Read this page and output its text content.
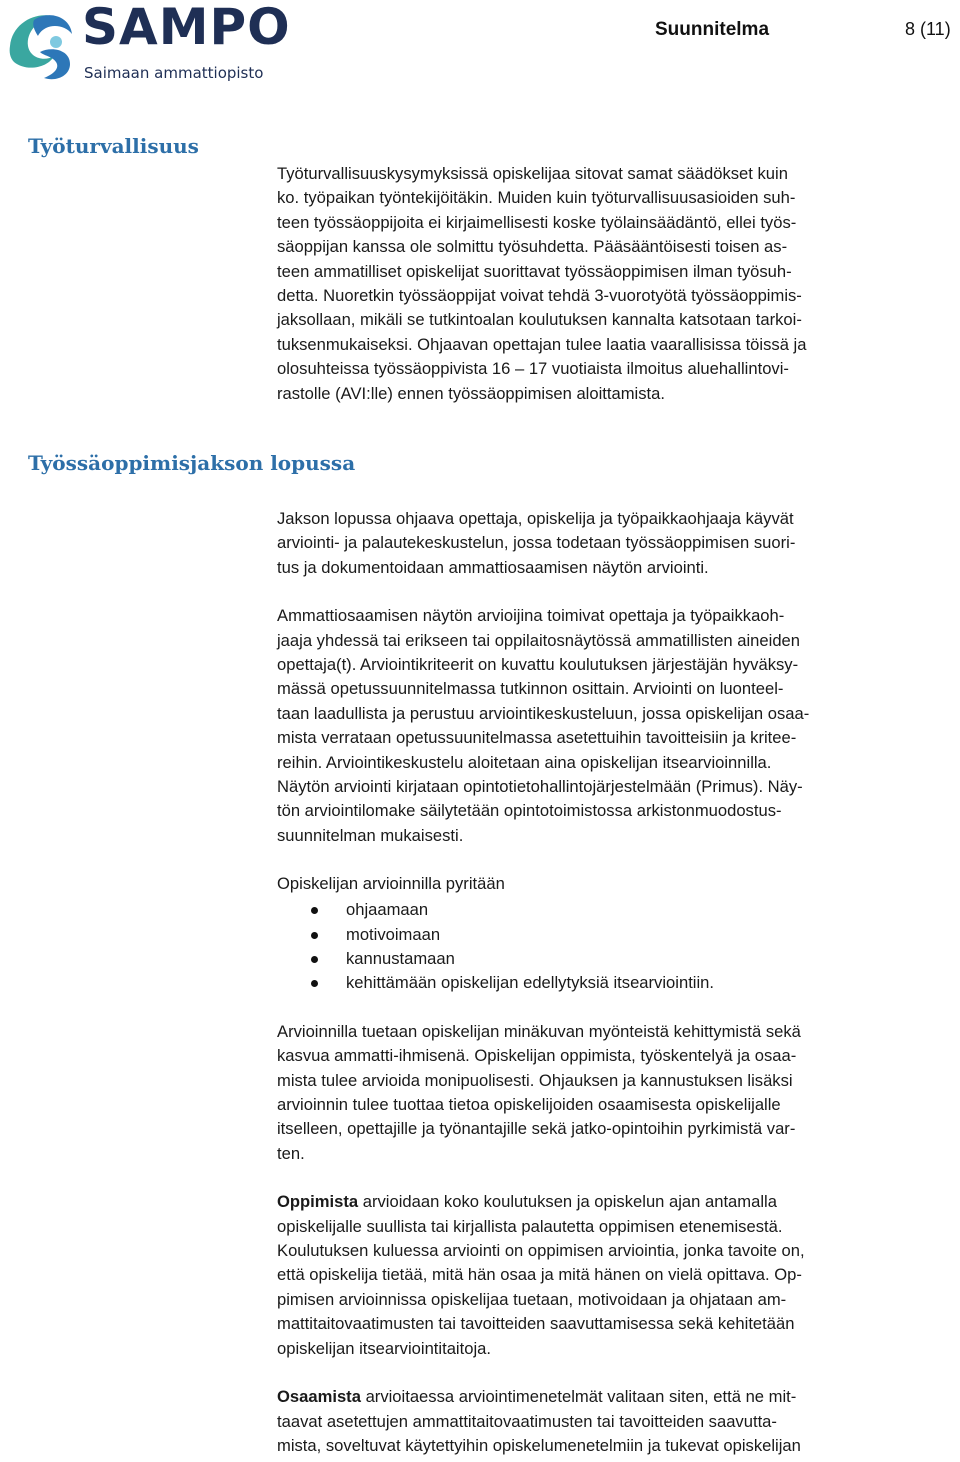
SAMPO
Saimaan ammattiopisto
Suunnitelma	8 (11)
Työturvallisuus

Työturvallisuuskysymyksissä opiskelijaa sitovat samat säädökset kuin
ko. työpaikan työntekijöitäkin. Muiden kuin työturvallisuusasioiden suh-
teen työssäoppijoita ei kirjaimellisesti koske työlainsäädäntö, ellei työs-
säoppijan kanssa ole solmittu työsuhdetta. Pääsääntöisesti toisen as-
teen ammatilliset opiskelijat suorittavat työssäoppimisen ilman työsuh-
detta. Nuoretkin työssäoppijat voivat tehdä 3-vuorotyötä työssäoppimis-
jaksollaan, mikäli se tutkintoalan koulutuksen kannalta katsotaan tarkoi-
tuksenmukaiseksi. Ohjaavan opettajan tulee laatia vaarallisissa töissä ja
olosuhteissa työssäoppivista 16 – 17 vuotiaista ilmoitus aluehallintovi-
rastolle (AVI:lle) ennen työssäoppimisen aloittamista.

Työssäoppimisjakson lopussa

Jakson lopussa ohjaava opettaja, opiskelija ja työpaikkaohjaaja käyvät
arviointi- ja palautekeskustelun, jossa todetaan työssäoppimisen suori-
tus ja dokumentoidaan ammattiosaamisen näytön arviointi.

Ammattiosaamisen näytön arvioijina toimivat opettaja ja työpaikkaoh-
jaaja yhdessä tai erikseen tai oppilaitosnäytössä ammatillisten aineiden
opettaja(t). Arviointikriteerit on kuvattu koulutuksen järjestäjän hyväksy-
mässä opetussuunnitelmassa tutkinnon osittain. Arviointi on luonteel-
taan laadullista ja perustuu arviointikeskusteluun, jossa opiskelijan osaa-
mista verrataan opetussuunitelmassa asetettuihin tavoitteisiin ja kritee-
reihin. Arviointikeskustelu aloitetaan aina opiskelijan itsearvioinnilla.
Näytön arviointi kirjataan opintotietohallintojärjestelmään (Primus). Näy-
tön arviointilomake säilytetään opintotoimistossa arkistonmuodostus-
suunnitelman mukaisesti.

Opiskelijan arvioinnilla pyritään

ohjaamaan
motivoimaan
kannustamaan
kehittämään opiskelijan edellytyksiä itsearviointiin.

Arvioinnilla tuetaan opiskelijan minäkuvan myönteistä kehittymistä sekä
kasvua ammatti-ihmisenä. Opiskelijan oppimista, työskentelyä ja osaa-
mista tulee arvioida monipuolisesti. Ohjauksen ja kannustuksen lisäksi
arvioinnin tulee tuottaa tietoa opiskelijoiden osaamisesta opiskelijalle
itselleen, opettajille ja työnantajille sekä jatko-opintoihin pyrkimistä var-
ten.

Oppimista arvioidaan koko koulutuksen ja opiskelun ajan antamalla
opiskelijalle suullista tai kirjallista palautetta oppimisen etenemisestä.
Koulutuksen kuluessa arviointi on oppimisen arviointia, jonka tavoite on,
että opiskelija tietää, mitä hän osaa ja mitä hänen on vielä opittava. Op-
pimisen arvioinnissa opiskelijaa tuetaan, motivoidaan ja ohjataan am-
mattitaitovaatimusten tai tavoitteiden saavuttamisessa sekä kehitetään
opiskelijan itsearviointitaitoja.

Osaamista arvioitaessa arviointimenetelmät valitaan siten, että ne mit-
taavat asetettujen ammattitaitovaatimusten tai tavoitteiden saavutta-
mista, soveltuvat käytettyihin opiskelumenetelmiin ja tukevat opiskelijan
